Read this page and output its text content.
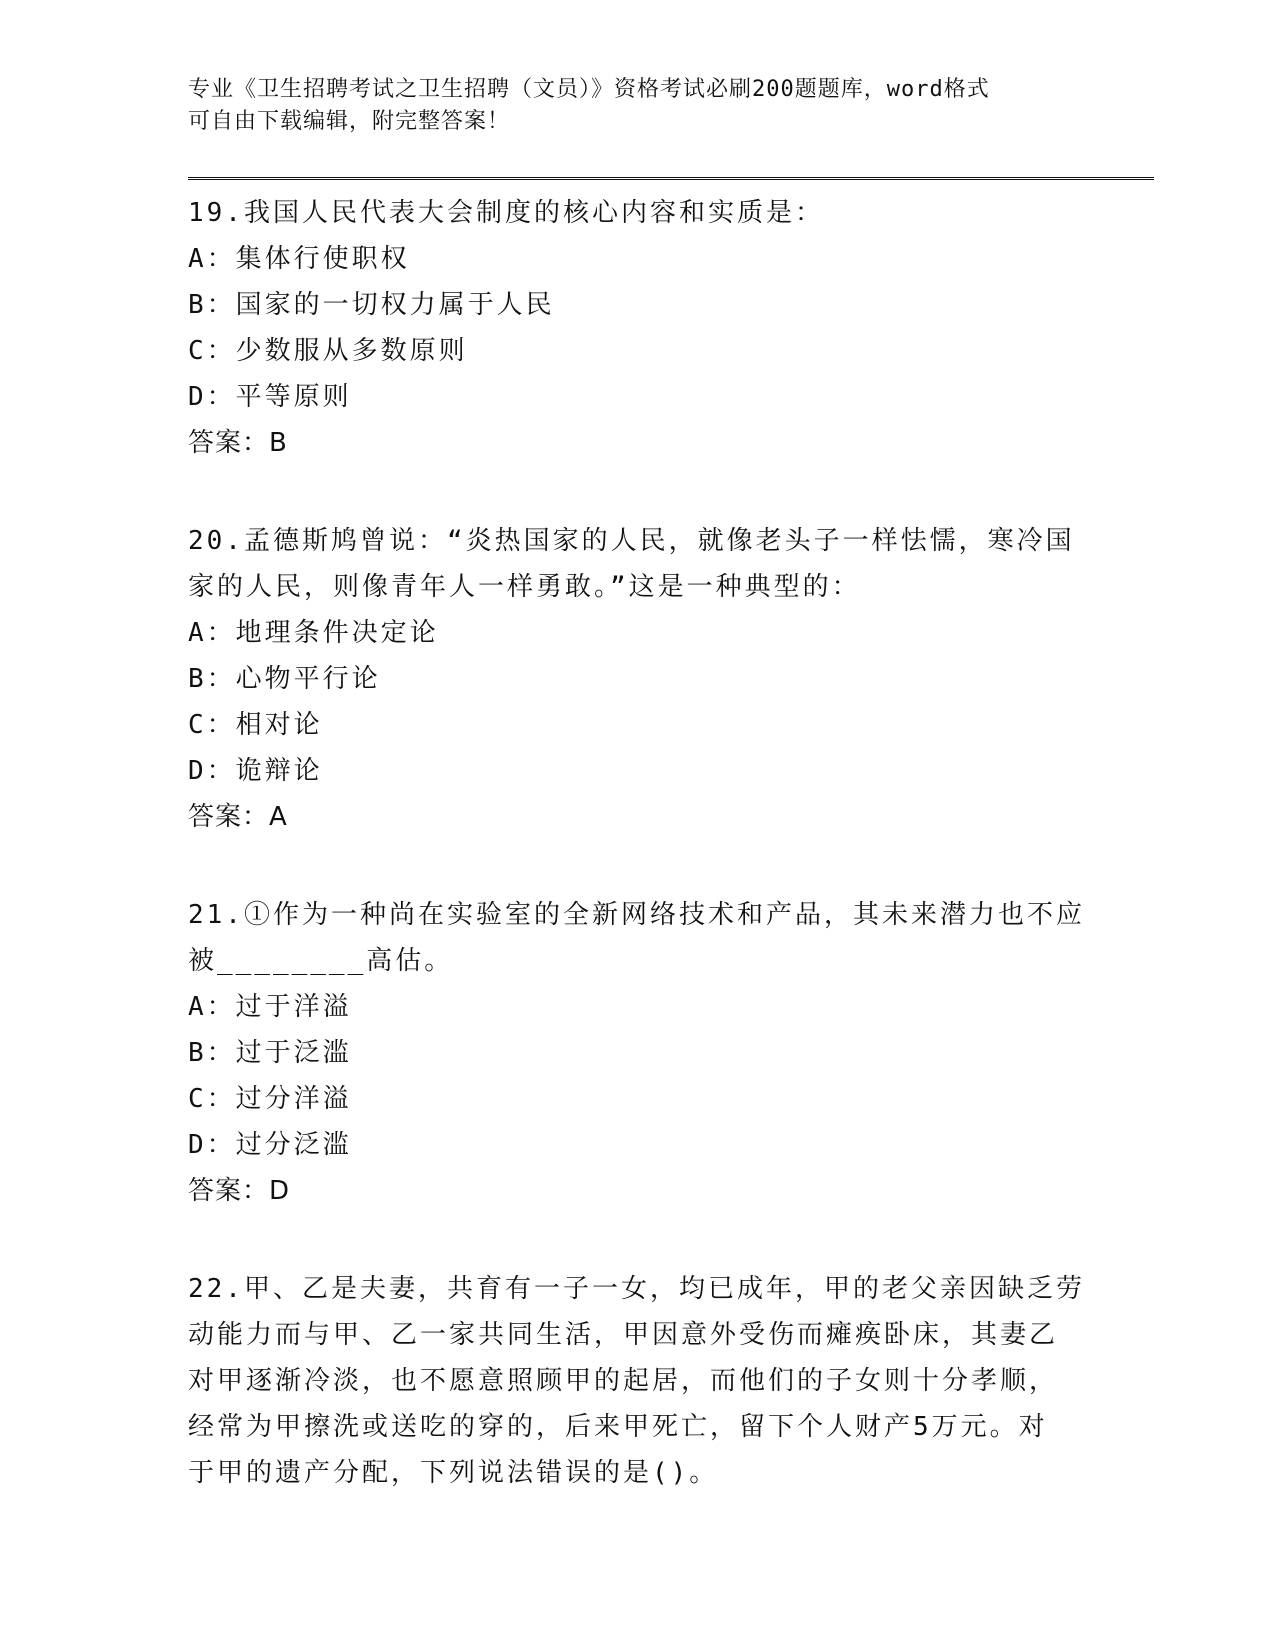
专业《卫生招聘考试之卫生招聘（文员）》资格考试必刷200题题库，word格式
可自由下载编辑，附完整答案！
19.我国人民代表大会制度的核心内容和实质是：
A：集体行使职权
B：国家的一切权力属于人民
C：少数服从多数原则
D：平等原则
答案：B
20.孟德斯鸠曾说：“炎热国家的人民，就像老头子一样怯懦，寒冷国
家的人民，则像青年人一样勇敢。”这是一种典型的：
A：地理条件决定论
B：心物平行论
C：相对论
D：诡辩论
答案：A
21.①作为一种尚在实验室的全新网络技术和产品，其未来潜力也不应
被________高估。
A：过于洋溢
B：过于泛滥
C：过分洋溢
D：过分泛滥
答案：D
22.甲、乙是夫妻，共育有一子一女，均已成年，甲的老父亲因缺乏劳
动能力而与甲、乙一家共同生活，甲因意外受伤而瘫痪卧床，其妻乙
对甲逐渐冷淡，也不愿意照顾甲的起居，而他们的子女则十分孝顺，
经常为甲擦洗或送吃的穿的，后来甲死亡，留下个人财产5万元。对
于甲的遗产分配，下列说法错误的是()。
